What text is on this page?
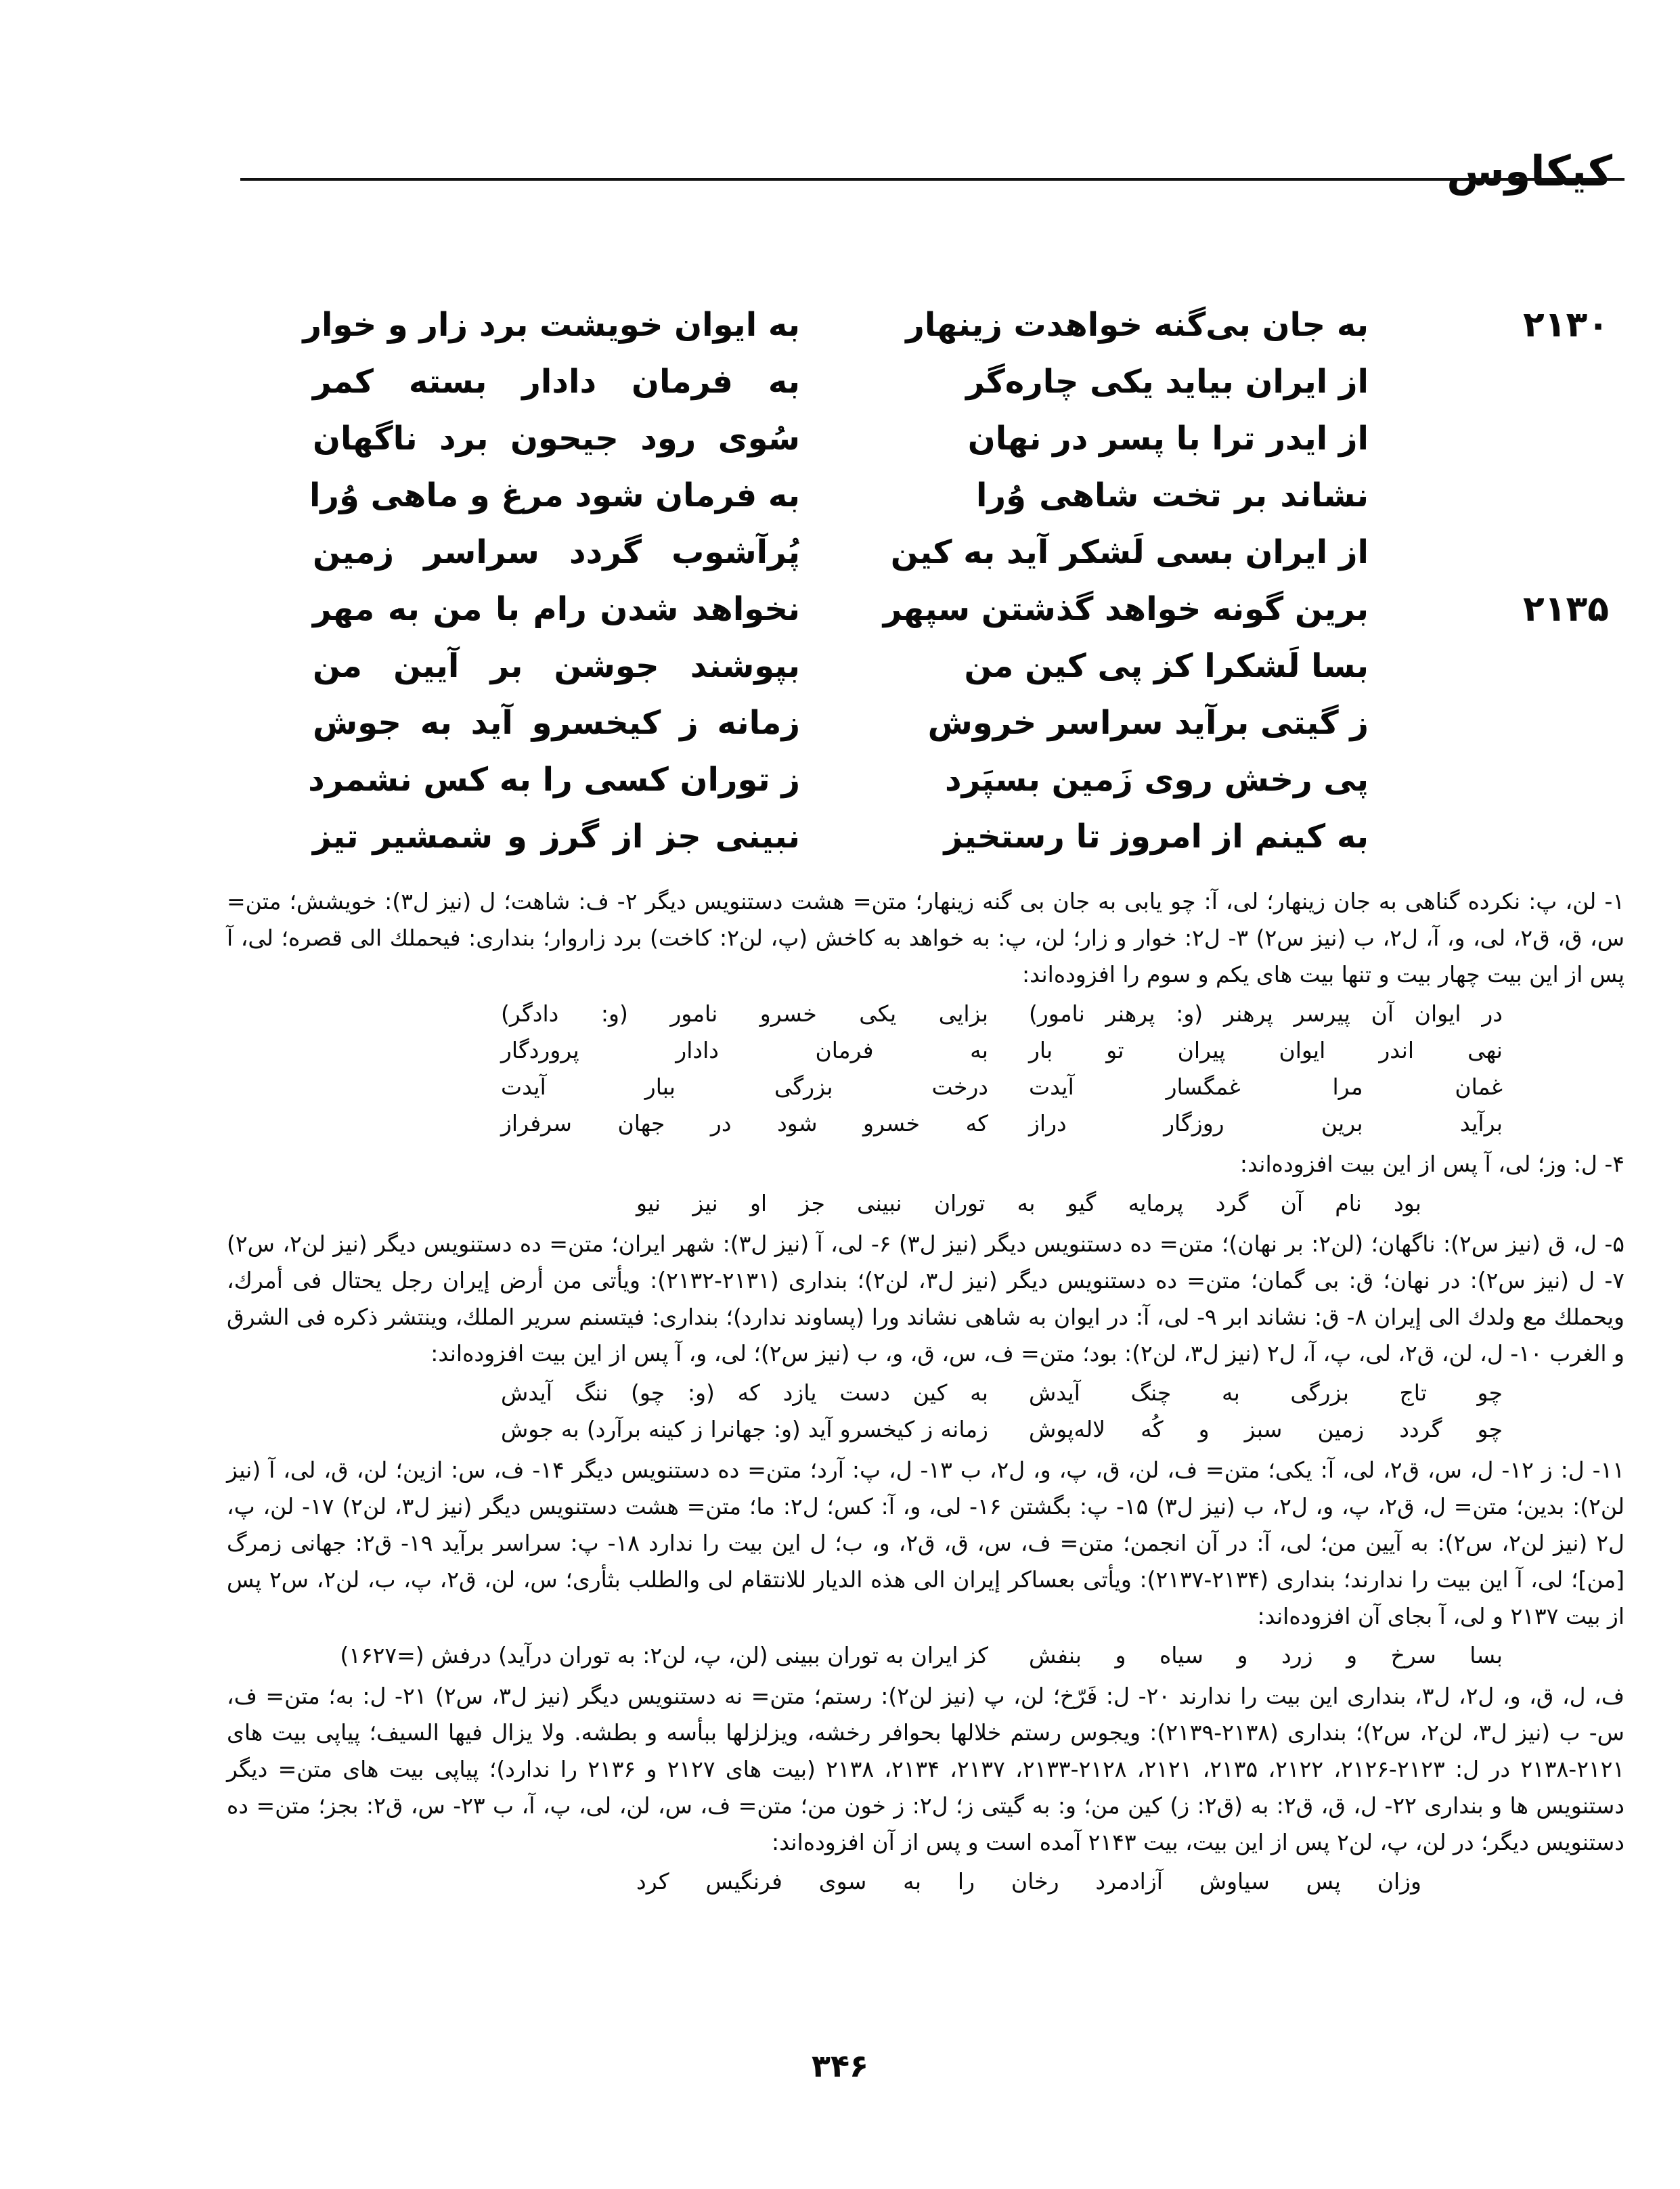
کیکاوس
۲۱۳۰
به جان بی‌گنه خواهدت زینهار
به ایوان خویشت برد زار و خوار
از ایران بیاید یکی چاره‌گر
به فرمان دادار بسته کمر
از ایدر ترا با پسر در نهان
سُوی رود جیحون برد ناگهان
نشاند بر تخت شاهی وُرا
به فرمان شود مرغ و ماهی وُرا
از ایران بسی لَشکر آید به کین
پُرآشوب گردد سراسر زمین
۲۱۳۵
برین گونه خواهد گذشتن سپهر
نخواهد شدن رام با من به مهر
بسا لَشکرا کز پی کین من
بپوشند جوشن بر آیین من
ز گیتی برآید سراسر خروش
زمانه ز کیخسرو آید به جوش
پی رخش روی زَمین بسپَرد
ز توران کسی را به کس نشمرد
به کینم از امروز تا رستخیز
نبینی جز از گرز و شمشیر تیز

۱- لن، پ: نکرده گناهی به جان زینهار؛ لی، آ: چو یابی به جان بی گنه زینهار؛ متن= هشت دستنویس دیگر ۲- ف: شاهت؛ ل (نیز ل۳): خویشش؛ متن= س، ق، ق۲، لی، و، آ، ل۲، ب (نیز س۲) ۳- ل۲: خوار و زار؛ لن، پ: به خواهد به کاخش (پ، لن۲: کاخت) برد زاروار؛ بنداری: فیحملك الی قصره؛ لی، آ پس از این بیت چهار بیت و تنها بیت های یکم و سوم را افزوده‌اند:

در ایوان آن پیرسر پرهنر (و: پرهنر نامور)
بزایی یکی خسرو نامور (و: دادگر)
نهی اندر ایوان پیران تو بار
به فرمان دادار پروردگار
غمان مرا غمگسار آیدت
درخت بزرگی ببار آیدت
برآید برین روزگار دراز
که خسرو شود در جهان سرفراز

۴- ل: وز؛ لی، آ پس از این بیت افزوده‌اند:

بود نام آن گرد پرمایه گیو به توران نبینی جز او نیز نیو

۵- ل، ق (نیز س۲): ناگهان؛ (لن۲: بر نهان)؛ متن= ده دستنویس دیگر (نیز ل۳) ۶- لی، آ (نیز ل۳): شهر ایران؛ متن= ده دستنویس دیگر (نیز لن۲، س۲) ۷- ل (نیز س۲): در نهان؛ ق: بی گمان؛ متن= ده دستنویس دیگر (نیز ل۳، لن۲)؛ بنداری (۲۱۳۱-۲۱۳۲): ویأتی من أرض إیران رجل یحتال فی أمرك، ویحملك مع ولدك الی إیران ۸- ق: نشاند ابر ۹- لی، آ: در ایوان به شاهی نشاند ورا (پساوند ندارد)؛ بنداری: فیتسنم سریر الملك، وینتشر ذکره فی الشرق و الغرب ۱۰- ل، لن، ق۲، لی، پ، آ، ل۲ (نیز ل۳، لن۲): بود؛ متن= ف، س، ق، و، ب (نیز س۲)؛ لی، و، آ پس از این بیت افزوده‌اند:

چو تاج بزرگی به چنگ آیدش
به کین دست یازد که (و: چو) ننگ آیدش
چو گردد زمین سبز و کُه لاله‌پوش
زمانه ز کیخسرو آید (و: جهانرا ز کینه برآرد) به جوش

۱۱- ل: ز ۱۲- ل، س، ق۲، لی، آ: یکی؛ متن= ف، لن، ق، پ، و، ل۲، ب ۱۳- ل، پ: آرد؛ متن= ده دستنویس دیگر ۱۴- ف، س: ازین؛ لن، ق، لی، آ (نیز لن۲): بدین؛ متن= ل، ق۲، پ، و، ل۲، ب (نیز ل۳) ۱۵- پ: بگشتن ۱۶- لی، و، آ: کس؛ ل۲: ما؛ متن= هشت دستنویس دیگر (نیز ل۳، لن۲) ۱۷- لن، پ، ل۲ (نیز لن۲، س۲): به آیین من؛ لی، آ: در آن انجمن؛ متن= ف، س، ق، ق۲، و، ب؛ ل این بیت را ندارد ۱۸- پ: سراسر برآید ۱۹- ق۲: جهانی زمرگ [من]؛ لی، آ این بیت را ندارند؛ بنداری (۲۱۳۴-۲۱۳۷): ویأتی بعساکر إیران الی هذه الدیار للانتقام لی والطلب بثأری؛ س، لن، ق۲، پ، ب، لن۲، س۲ پس از بیت ۲۱۳۷ و لی، آ بجای آن افزوده‌اند:

بسا سرخ و زرد و سیاه و بنفش
کز ایران به توران ببینی (لن، پ، لن۲: به توران درآید) درفش (=۱۶۲۷)

ف، ل، ق، و، ل۲، ل۳، بنداری این بیت را ندارند ۲۰- ل: فَرّخ؛ لن، پ (نیز لن۲): رستم؛ متن= نه دستنویس دیگر (نیز ل۳، س۲) ۲۱- ل: به؛ متن= ف، س- ب (نیز ل۳، لن۲، س۲)؛ بنداری (۲۱۳۸-۲۱۳۹): ویجوس رستم خلالها بحوافر رخشه، ویزلزلها ببأسه و بطشه. ولا یزال فیها السیف؛ پیاپی بیت های ۲۱۲۱-۲۱۳۸ در ل: ۲۱۲۳-۲۱۲۶، ۲۱۲۲، ۲۱۳۵، ۲۱۲۱، ۲۱۲۸-۲۱۳۳، ۲۱۳۷، ۲۱۳۴، ۲۱۳۸ (بیت های ۲۱۲۷ و ۲۱۳۶ را ندارد)؛ پیاپی بیت های متن= دیگر دستنویس ها و بنداری ۲۲- ل، ق، ق۲: به (ق۲: ز) کین من؛ و: به گیتی ز؛ ل۲: ز خون من؛ متن= ف، س، لن، لی، پ، آ، ب ۲۳- س، ق۲: بجز؛ متن= ده دستنویس دیگر؛ در لن، پ، لن۲ پس از این بیت، بیت ۲۱۴۳ آمده است و پس از آن افزوده‌اند:

وزان پس سیاوش آزادمرد رخان را به سوی فرنگیس کرد
۳۴۶
